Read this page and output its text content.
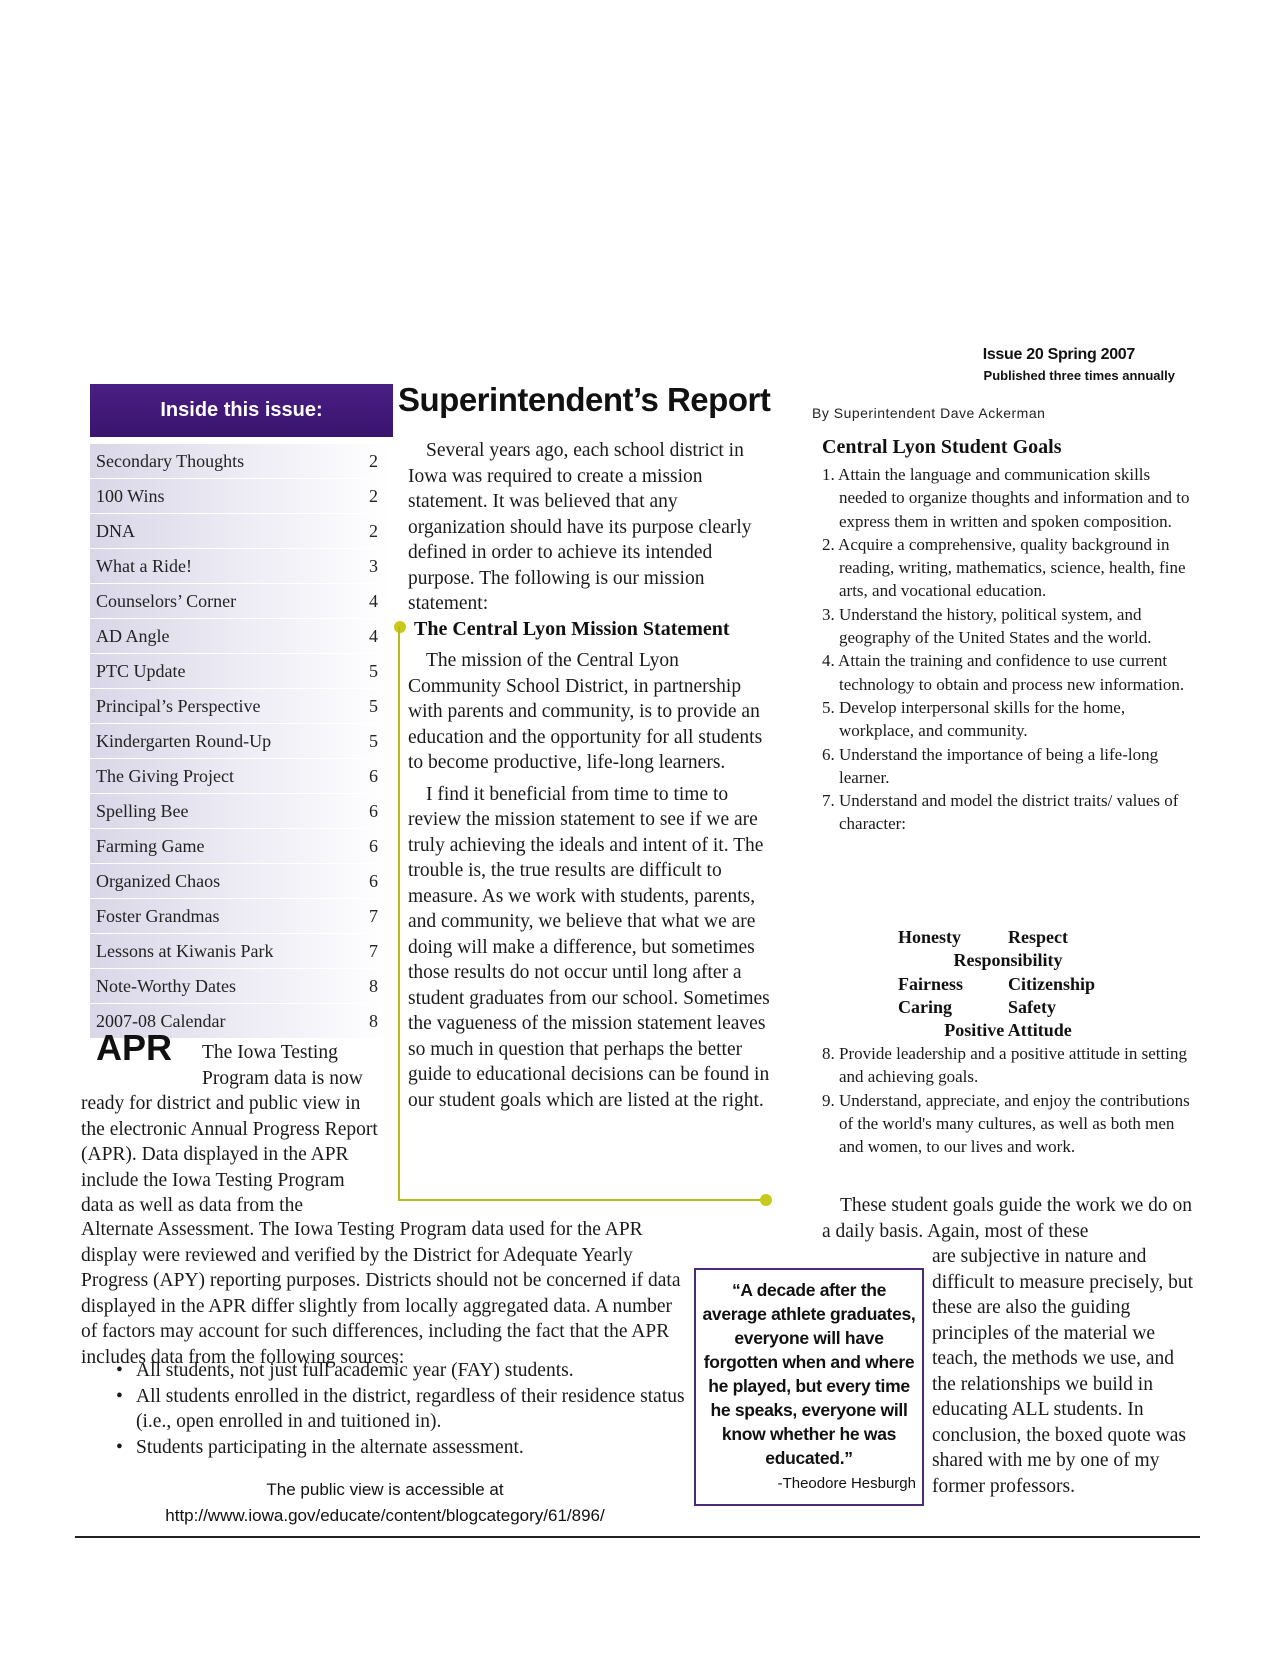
Issue 20 Spring 2007
Published three times annually
Inside this issue:
Secondary Thoughts	2
100 Wins	2
DNA	2
What a Ride!	3
Counselors’ Corner	4
AD Angle	4
PTC Update	5
Principal’s Perspective	5
Kindergarten Round-Up	5
The Giving Project	6
Spelling Bee	6
Farming Game	6
Organized Chaos	6
Foster Grandmas	7
Lessons at Kiwanis Park	7
Note-Worthy Dates	8
2007-08 Calendar	8
Superintendent’s Report	By Superintendent Dave Ackerman
Several years ago, each school district in Iowa was required to create a mission statement. It was believed that any organization should have its purpose clearly defined in order to achieve its intended purpose. The following is our mission statement:
The Central Lyon Mission Statement

The mission of the Central Lyon Community School District, in partnership with parents and community, is to provide an education and the opportunity for all students to become productive, life-long learners.

I find it beneficial from time to time to review the mission statement to see if we are truly achieving the ideals and intent of it. The trouble is, the true results are difficult to measure. As we work with students, parents, and community, we believe that what we are doing will make a difference, but sometimes those results do not occur until long after a student graduates from our school. Sometimes the vagueness of the mission statement leaves so much in question that perhaps the better guide to educational decisions can be found in our student goals which are listed at the right.

Central Lyon Student Goals
1. Attain the language and communication skills needed to organize thoughts and information and to express them in written and spoken composition.
2. Acquire a comprehensive, quality background in reading, writing, mathematics, science, health, fine arts, and vocational education.
3. Understand the history, political system, and geography of the United States and the world.
4. Attain the training and confidence to use current technology to obtain and process new information.
5. Develop interpersonal skills for the home, workplace, and community.
6. Understand the importance of being a life-long learner.
7. Understand and model the district traits/ values of character:
Honesty	Respect
Responsibility
Fairness	Citizenship
Caring	Safety
Positive Attitude
8. Provide leadership and a positive attitude in setting and achieving goals.
9. Understand, appreciate, and enjoy the contributions of the world's many cultures, as well as both men and women, to our lives and work.
These student goals guide the work we do on a daily basis. Again, most of these
are subjective in nature and difficult to measure precisely, but these are also the guiding principles of the material we teach, the methods we use, and the relationships we build in educating ALL students. In conclusion, the boxed quote was shared with me by one of my former professors.
APR The Iowa Testing Program data is now
ready for district and public view in the electronic Annual Progress Report (APR). Data displayed in the APR include the Iowa Testing Program data as well as data from the
Alternate Assessment. The Iowa Testing Program data used for the APR display were reviewed and verified by the District for Adequate Yearly Progress (APY) reporting purposes. Districts should not be concerned if data displayed in the APR differ slightly from locally aggregated data. A number of factors may account for such differences, including the fact that the APR includes data from the following sources:
• All students, not just full academic year (FAY) students.
• All students enrolled in the district, regardless of their residence status (i.e., open enrolled in and tuitioned in).
• Students participating in the alternate assessment.
The public view is accessible at
http://www.iowa.gov/educate/content/blogcategory/61/896/
“A decade after the average athlete graduates, everyone will have forgotten when and where he played, but every time he speaks, everyone will know whether he was educated.”
-Theodore Hesburgh
